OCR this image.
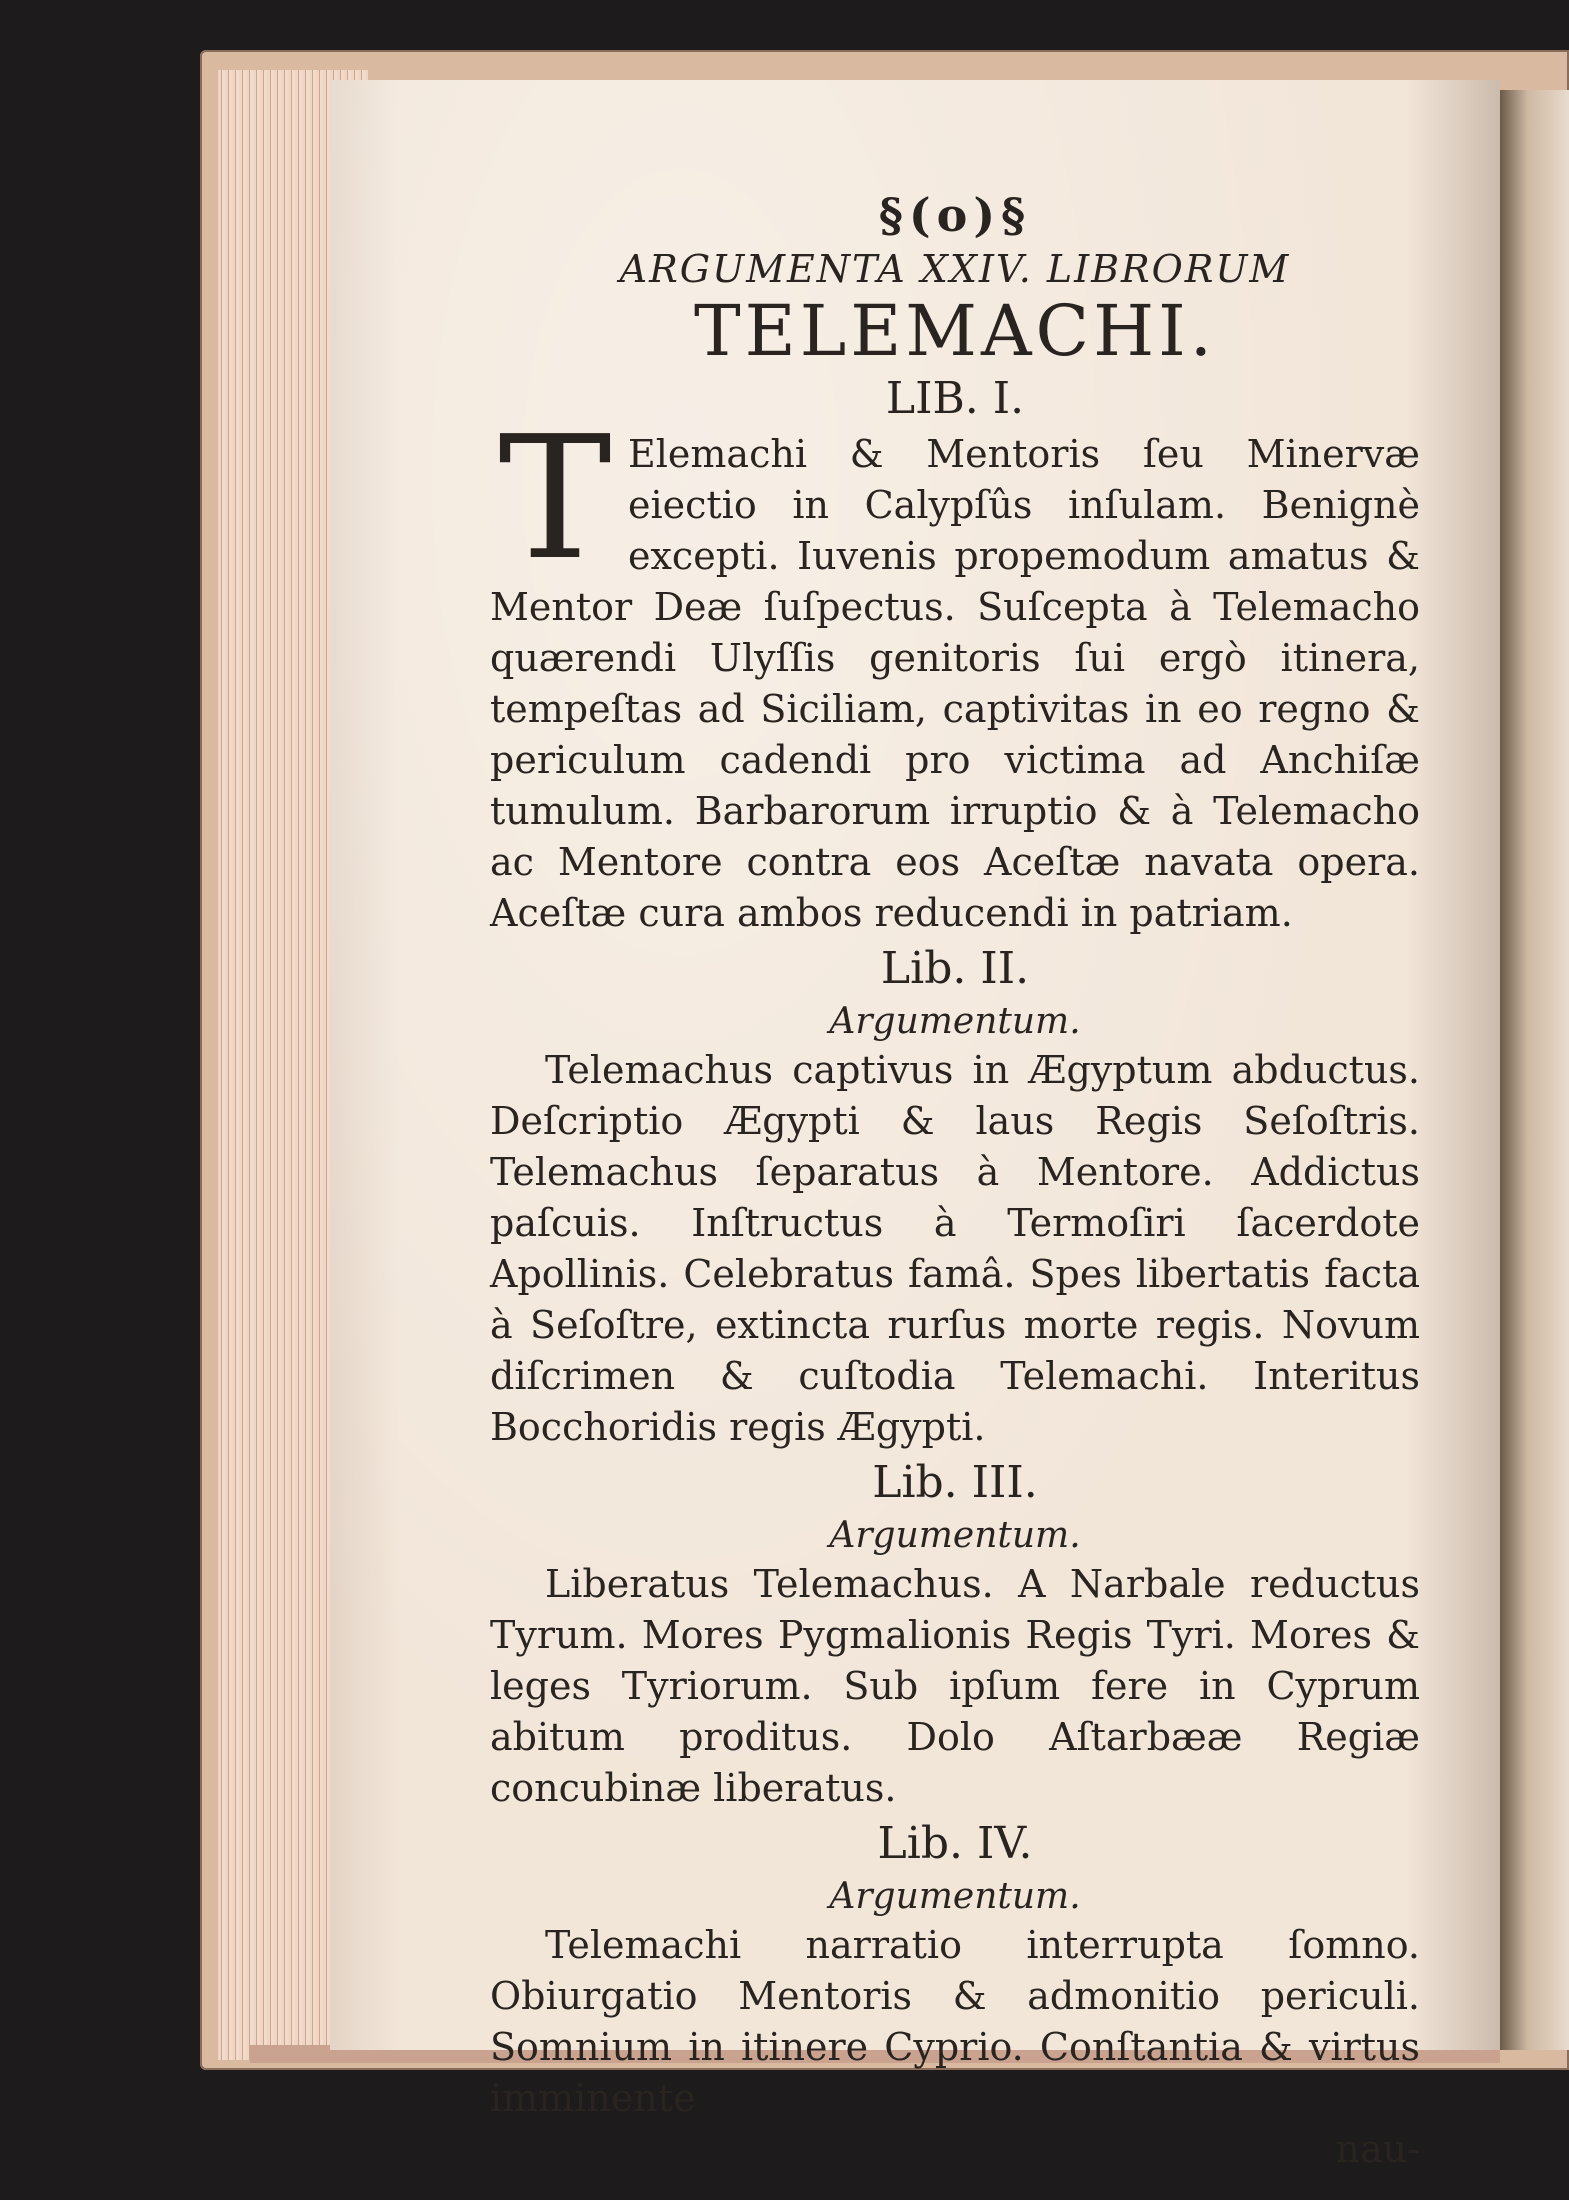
§(o)§
ARGUMENTA XXIV. LIBRORUM
TELEMACHI.
LIB. I.
T Elemachi & Mentoris ſeu Minervæ eiectio in Calypſûs inſulam. Benignè excepti. Iuvenis propemodum amatus & Mentor Deæ ſuſpectus. Suſcepta à Telemacho quærendi Ulyſſis genitoris ſui ergò itinera, tempeſtas ad Siciliam, captivitas in eo regno & periculum cadendi pro victima ad Anchiſæ tumulum. Barbarorum irruptio & à Telemacho ac Mentore contra eos Aceſtæ navata opera. Aceſtæ cura ambos reducendi in patriam.

Lib. II.
Argumentum.

Telemachus captivus in Ægyptum abductus. Deſcriptio Ægypti & laus Regis Seſoſtris. Telemachus ſeparatus à Mentore. Addictus paſcuis. Inſtructus à Termoſiri ſacerdote Apollinis. Celebratus famâ. Spes libertatis facta à Seſoſtre, extincta rurſus morte regis. Novum diſcrimen & cuſtodia Telemachi. Interitus Bocchoridis regis Ægypti.

Lib. III.
Argumentum.

Liberatus Telemachus. A Narbale reductus Tyrum. Mores Pygmalionis Regis Tyri. Mores & leges Tyriorum. Sub ipſum fere in Cyprum abitum proditus. Dolo Aſtarbææ Regiæ concubinæ liberatus.

Lib. IV.
Argumentum.

Telemachi narratio interrupta ſomno. Obiurgatio Mentoris & admonitio periculi. Somnium in itinere Cyprio. Conſtantia & virtus imminente

nau-
